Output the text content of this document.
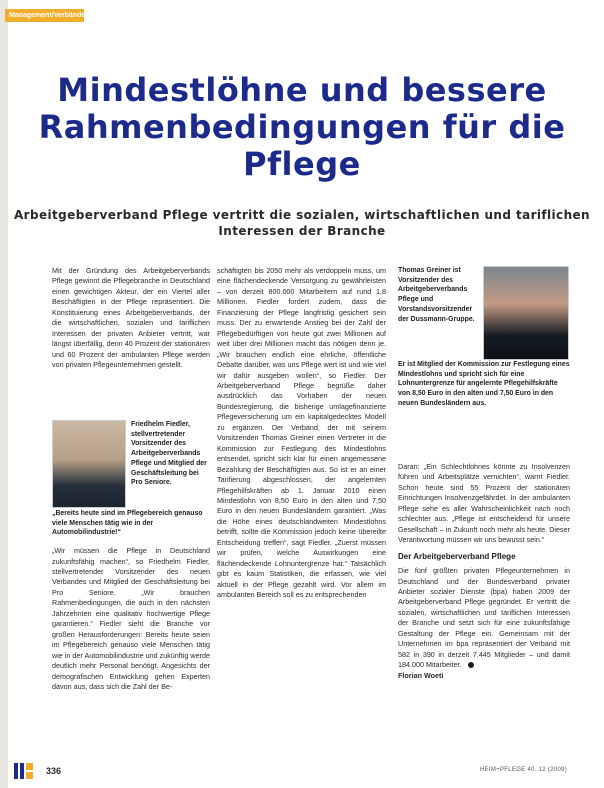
Management/Verbände
Mindestlöhne und bessere Rahmenbedingungen für die Pflege
Arbeitgeberverband Pflege vertritt die sozialen, wirtschaftlichen und tariflichen Interessen der Branche

Mit der Gründung des Arbeitgeberverbands Pflege gewinnt die Pflegebranche in Deutschland einen gewichtigen Akteur, der ein Viertel aller Beschäftigten in der Pflege repräsentiert. Die Konstituierung eines Arbeitgeberverbands, der die wirtschaftlichen, sozialen und tariflichen Interessen der privaten Anbieter vertritt, war längst überfällig, denn 40 Prozent der stationären und 60 Prozent der ambulanten Pflege werden von privaten Pflegeunternehmen gestellt.

Friedhelm Fiedler, stellvertretender Vorsitzender des Arbeitgeberverbands Pflege und Mitglied der Geschäftsleitung bei Pro Seniore.
„Bereits heute sind im Pflegebereich genauso viele Menschen tätig wie in der Automobilindustrie!“
„Wir müssen die Pflege in Deutschland zukunftsfähig machen“, so Friedhelm Fiedler, stellvertretender Vorsitzender des neuen Verbandes und Mitglied der Geschäftsleitung bei Pro Seniore. „Wir brauchen Rahmenbedingungen, die auch in den nächsten Jahrzehnten eine qualitativ hochwertige Pflege garantieren.“ Fiedler sieht die Branche vor großen Herausforderungen: Bereits heute seien im Pflegebereich genauso viele Menschen tätig wie in der Automobilindustrie und zukünftig werde deutlich mehr Personal benötigt. Angesichts der demografischen Entwicklung gehen Experten davon aus, dass sich die Zahl der Be-

schäftigten bis 2050 mehr als verdoppeln muss, um eine flächendeckende Versorgung zu gewährleisten – von derzeit 800.000 Mitarbeitern auf rund 1,8 Millionen. Fiedler fordert zudem, dass die Finanzierung der Pflege langfristig gesichert sein muss. Der zu erwartende Anstieg bei der Zahl der Pflegebedürftigen von heute gut zwei Millionen auf weit über drei Millionen macht das nötigen denn je. „Wir brauchen endlich eine ehrliche, öffentliche Debatte darüber, was uns Pflege wert ist und wie viel wir dafür ausgeben wollen“, so Fiedler. Der Arbeitgeberverband Pflege begrüße daher ausdrücklich das Vorhaben der neuen Bundesregierung, die bisherige umlagefinanzierte Pflegeversicherung um ein kapitalgedecktes Modell zu ergänzen. Der Verband, der mit seinem Vorsitzenden Thomas Greiner einen Vertreter in die Kommission zur Festlegung des Mindestlohns entsendet, spricht sich klar für einen angemessene Bezahlung der Beschäftigten aus. So ist er an einer Tarifierung abgeschlossen, der angelernten Pflegehilfskräften ab 1. Januar 2010 einen Mindestlohn von 8,50 Euro in den alten und 7,50 Euro in den neuen Bundesländern garantiert. „Was die Höhe eines deutschlandweiten Mindestlohns betrifft, sollte die Kommission jedoch keine übereilte Entscheidung treffen“, sagt Fiedler. „Zuerst müssen wir prüfen, welche Auswirkungen eine flächendeckende Lohnuntergrenze hat.“ Tatsächlich gibt es kaum Statistiken, die erfassen, wie viel aktuell in der Pflege gezahlt wird. Vor allem im ambulanten Bereich soll es zu entsprechenden

Thomas Greiner ist Vorsitzender des Arbeitgeberverbands Pflege und Vorstandsvorsitzender der Dussmann-Gruppe.
Er ist Mitglied der Kommission zur Festlegung eines Mindestlohns und spricht sich für eine Lohnuntergrenze für angelernte Pflegehilfskräfte von 8,50 Euro in den alten und 7,50 Euro in den neuen Bundesländern aus.

Daran: „Ein Schlechtlohnes könnte zu Insolvenzen führen und Arbeitsplätze vernichten“, warnt Fiedler. Schon heute sind 55 Prozent der stationären Einrichtungen Insolvenzgefährdet. In der ambulanten Pflege sehe es aller Wahrscheinlichkeit nach noch schlechter aus. „Pflege ist entscheidend für unsere Gesellschaft – in Zukunft noch mehr als heute. Dieser Verantwortung müssen wir uns bewusst sein.“

Der Arbeitgeberverband Pflege

Die fünf größten privaten Pflegeunternehmen in Deutschland und der Bundesverband privater Anbieter sozialer Dienste (bpa) haben 2009 der Arbeitgeberverband Pflege gegründet. Er vertritt die sozialen, wirtschaftlichen und tariflichen Interessen der Branche und setzt sich für eine zukunftsfähige Gestaltung der Pflege ein. Gemeinsam mit der Unternehmen im bpa repräsentiert der Verband mit 582 in 390 in derzeit 7.445 Mitglieder – und damit 184.000 Mitarbeiter.

Florian Woeti

336	HEIM+PFLEGE 40. 12 (2009)
